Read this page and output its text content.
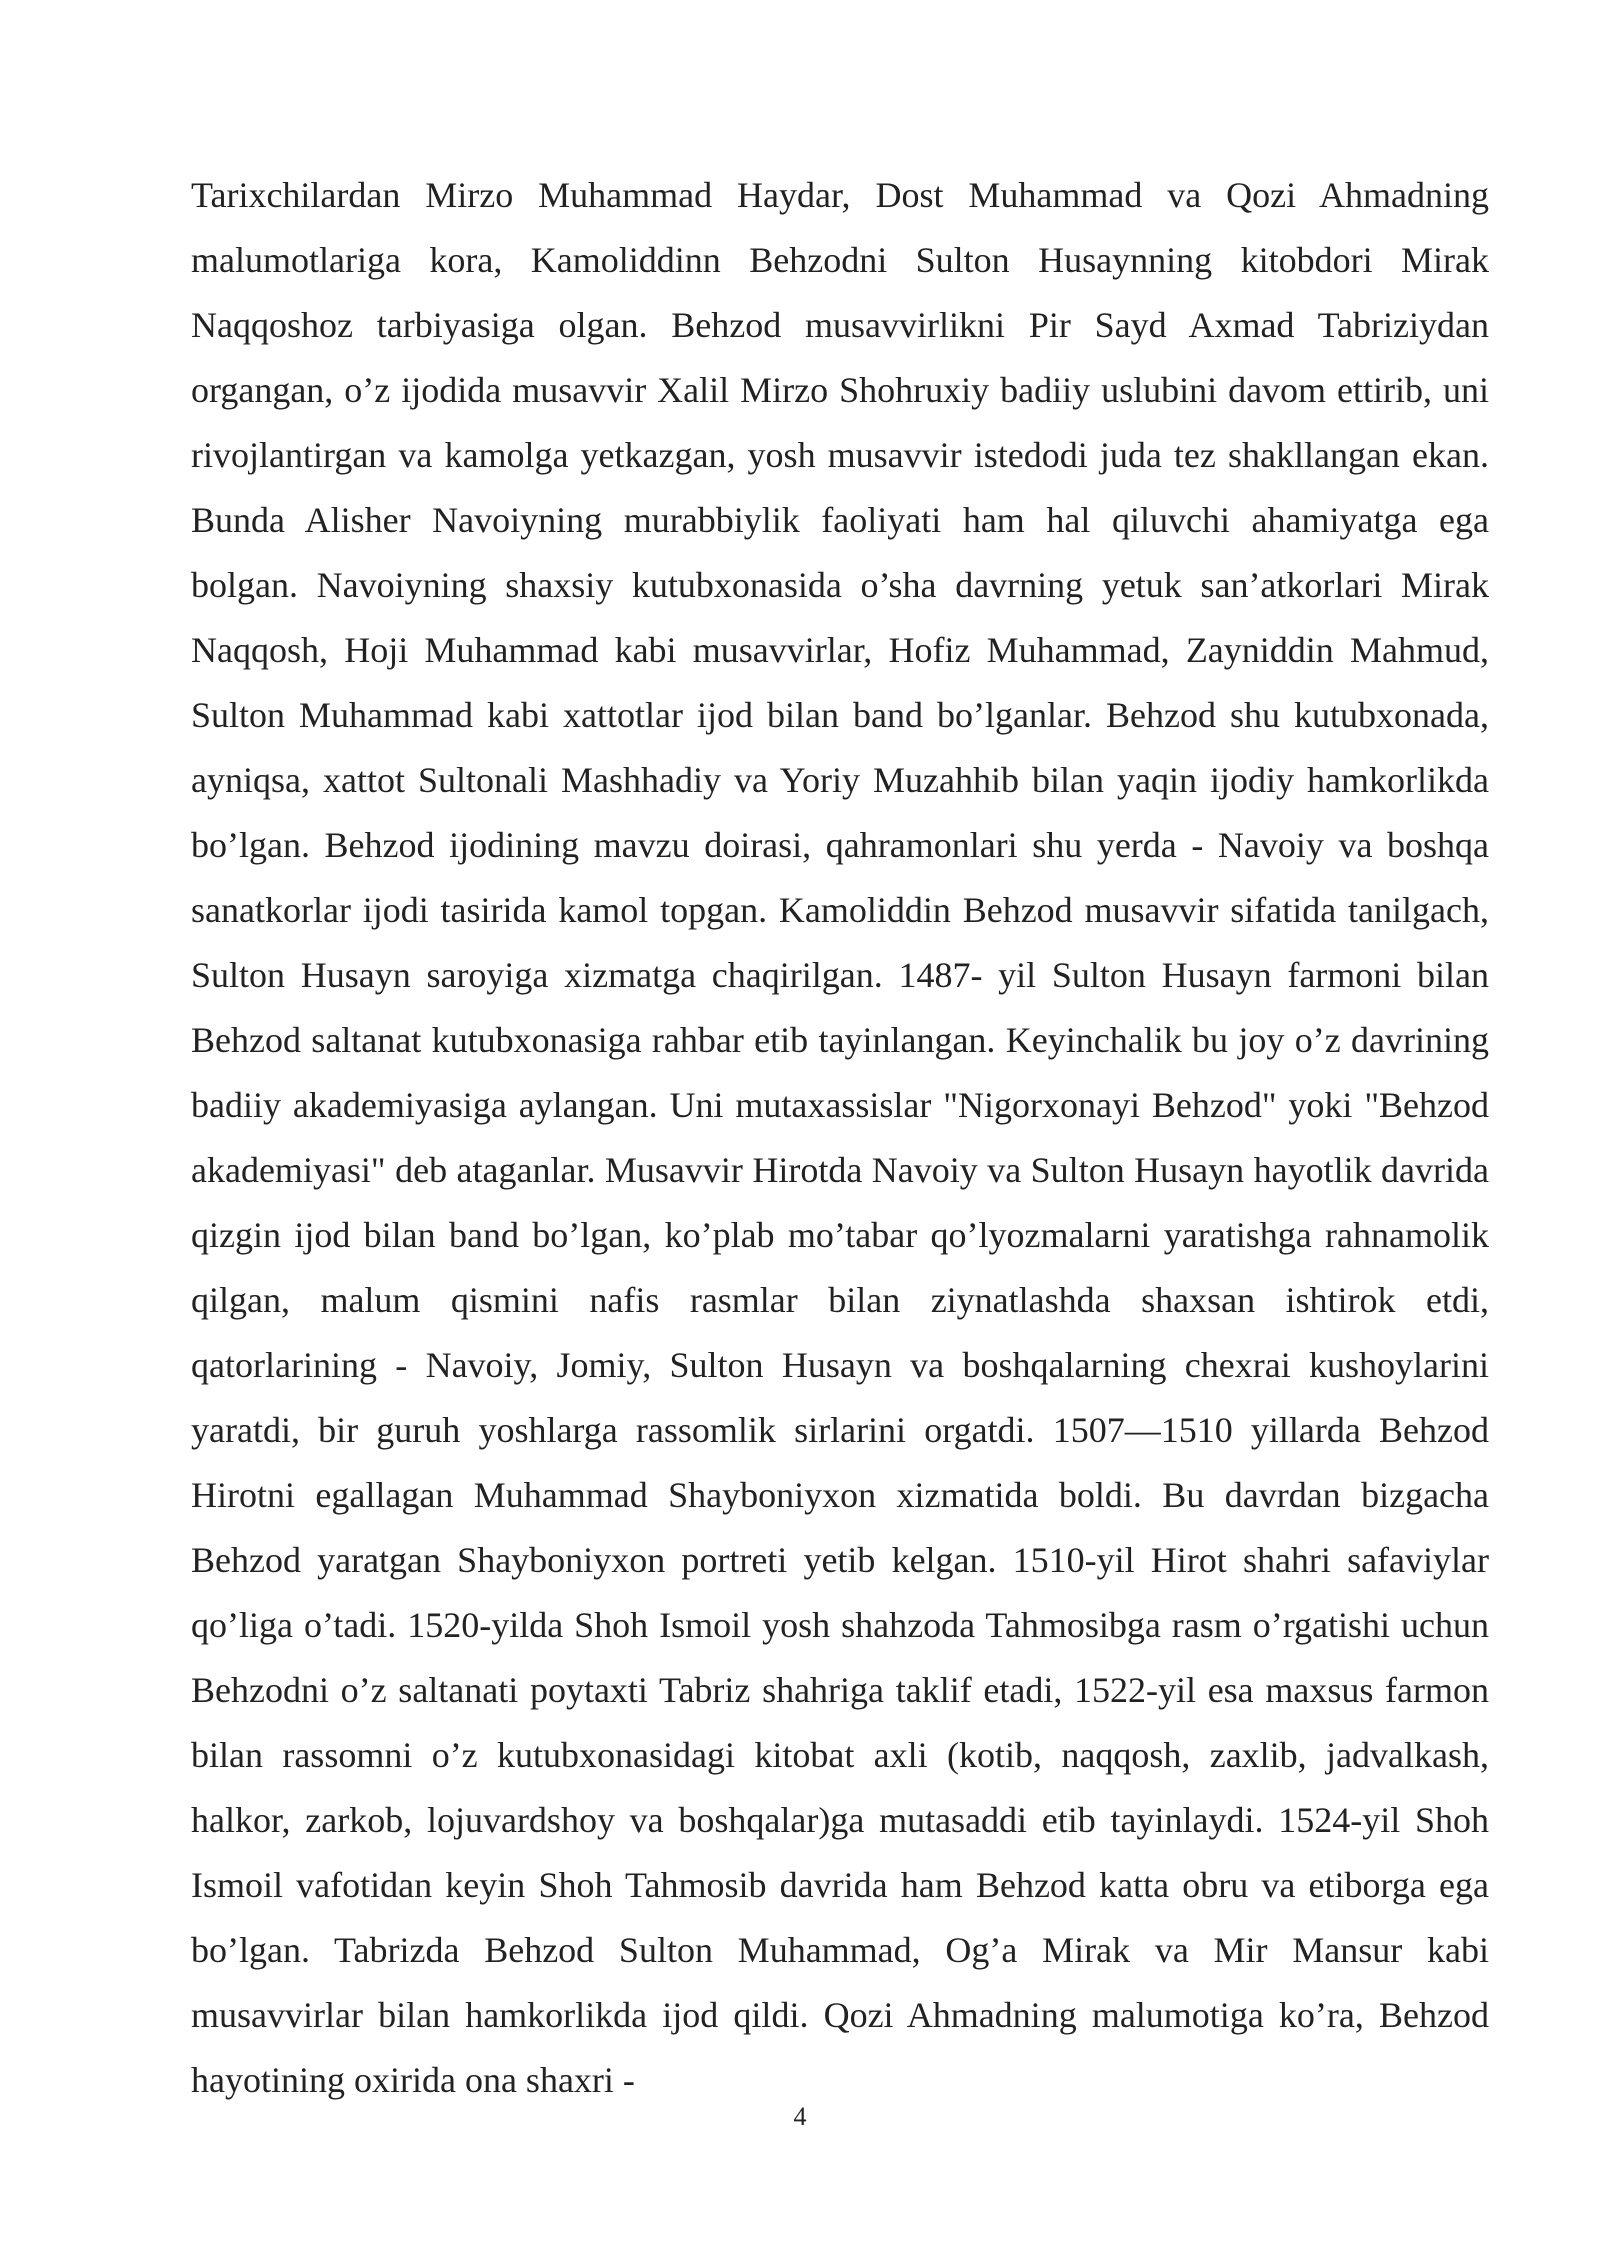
Tarixchilardan Mirzo Muhammad Haydar, Dost Muhammad va Qozi Ahmadning malumotlariga kora, Kamoliddinn Behzodni Sulton Husaynning kitobdori Mirak Naqqoshoz tarbiyasiga olgan. Behzod musavvirlikni Pir Sayd Axmad Tabriziydan organgan, o’z ijodida musavvir Xalil Mirzo Shohruxiy badiiy uslubini davom ettirib, uni rivojlantirgan va kamolga yetkazgan, yosh musavvir istedodi juda tez shakllangan ekan. Bunda Alisher Navoiyning murabbiylik faoliyati ham hal qiluvchi ahamiyatga ega bolgan. Navoiyning shaxsiy kutubxonasida o’sha davrning yetuk san’atkorlari Mirak Naqqosh, Hoji Muhammad kabi musavvirlar, Hofiz Muhammad, Zayniddin Mahmud, Sulton Muhammad kabi xattotlar ijod bilan band bo’lganlar. Behzod shu kutubxonada, ayniqsa, xattot Sultonali Mashhadiy va Yoriy Muzahhib bilan yaqin ijodiy hamkorlikda bo’lgan. Behzod ijodining mavzu doirasi, qahramonlari shu yerda - Navoiy va boshqa sanatkorlar ijodi tasirida kamol topgan. Kamoliddin Behzod musavvir sifatida tanilgach, Sulton Husayn saroyiga xizmatga chaqirilgan. 1487- yil Sulton Husayn farmoni bilan Behzod saltanat kutubxonasiga rahbar etib tayinlangan. Keyinchalik bu joy o’z davrining badiiy akademiyasiga aylangan. Uni mutaxassislar "Nigorxonayi Behzod" yoki "Behzod akademiyasi" deb ataganlar. Musavvir Hirotda Navoiy va Sulton Husayn hayotlik davrida qizgin ijod bilan band bo’lgan, ko’plab mo’tabar qo’lyozmalarni yaratishga rahnamolik qilgan, malum qismini nafis rasmlar bilan ziynatlashda shaxsan ishtirok etdi, qatorlarining - Navoiy, Jomiy, Sulton Husayn va boshqalarning chexrai kushoylarini yaratdi, bir guruh yoshlarga rassomlik sirlarini orgatdi. 1507—1510 yillarda Behzod Hirotni egallagan Muhammad Shayboniyxon xizmatida boldi. Bu davrdan bizgacha Behzod yaratgan Shayboniyxon portreti yetib kelgan. 1510-yil Hirot shahri safaviylar qo’liga o’tadi. 1520-yilda Shoh Ismoil yosh shahzoda Tahmosibga rasm o’rgatishi uchun Behzodni o’z saltanati poytaxti Tabriz shahriga taklif etadi, 1522-yil esa maxsus farmon bilan rassomni o’z kutubxonasidagi kitobat axli (kotib, naqqosh, zaxlib, jadvalkash, halkor, zarkob, lojuvardshoy va boshqalar)ga mutasaddi etib tayinlaydi. 1524-yil Shoh Ismoil vafotidan keyin Shoh Tahmosib davrida ham Behzod katta obru va etiborga ega bo’lgan. Tabrizda Behzod Sulton Muhammad, Og’a Mirak va Mir Mansur kabi musavvirlar bilan hamkorlikda ijod qildi. Qozi Ahmadning malumotiga ko’ra, Behzod hayotining oxirida ona shaxri -

4
